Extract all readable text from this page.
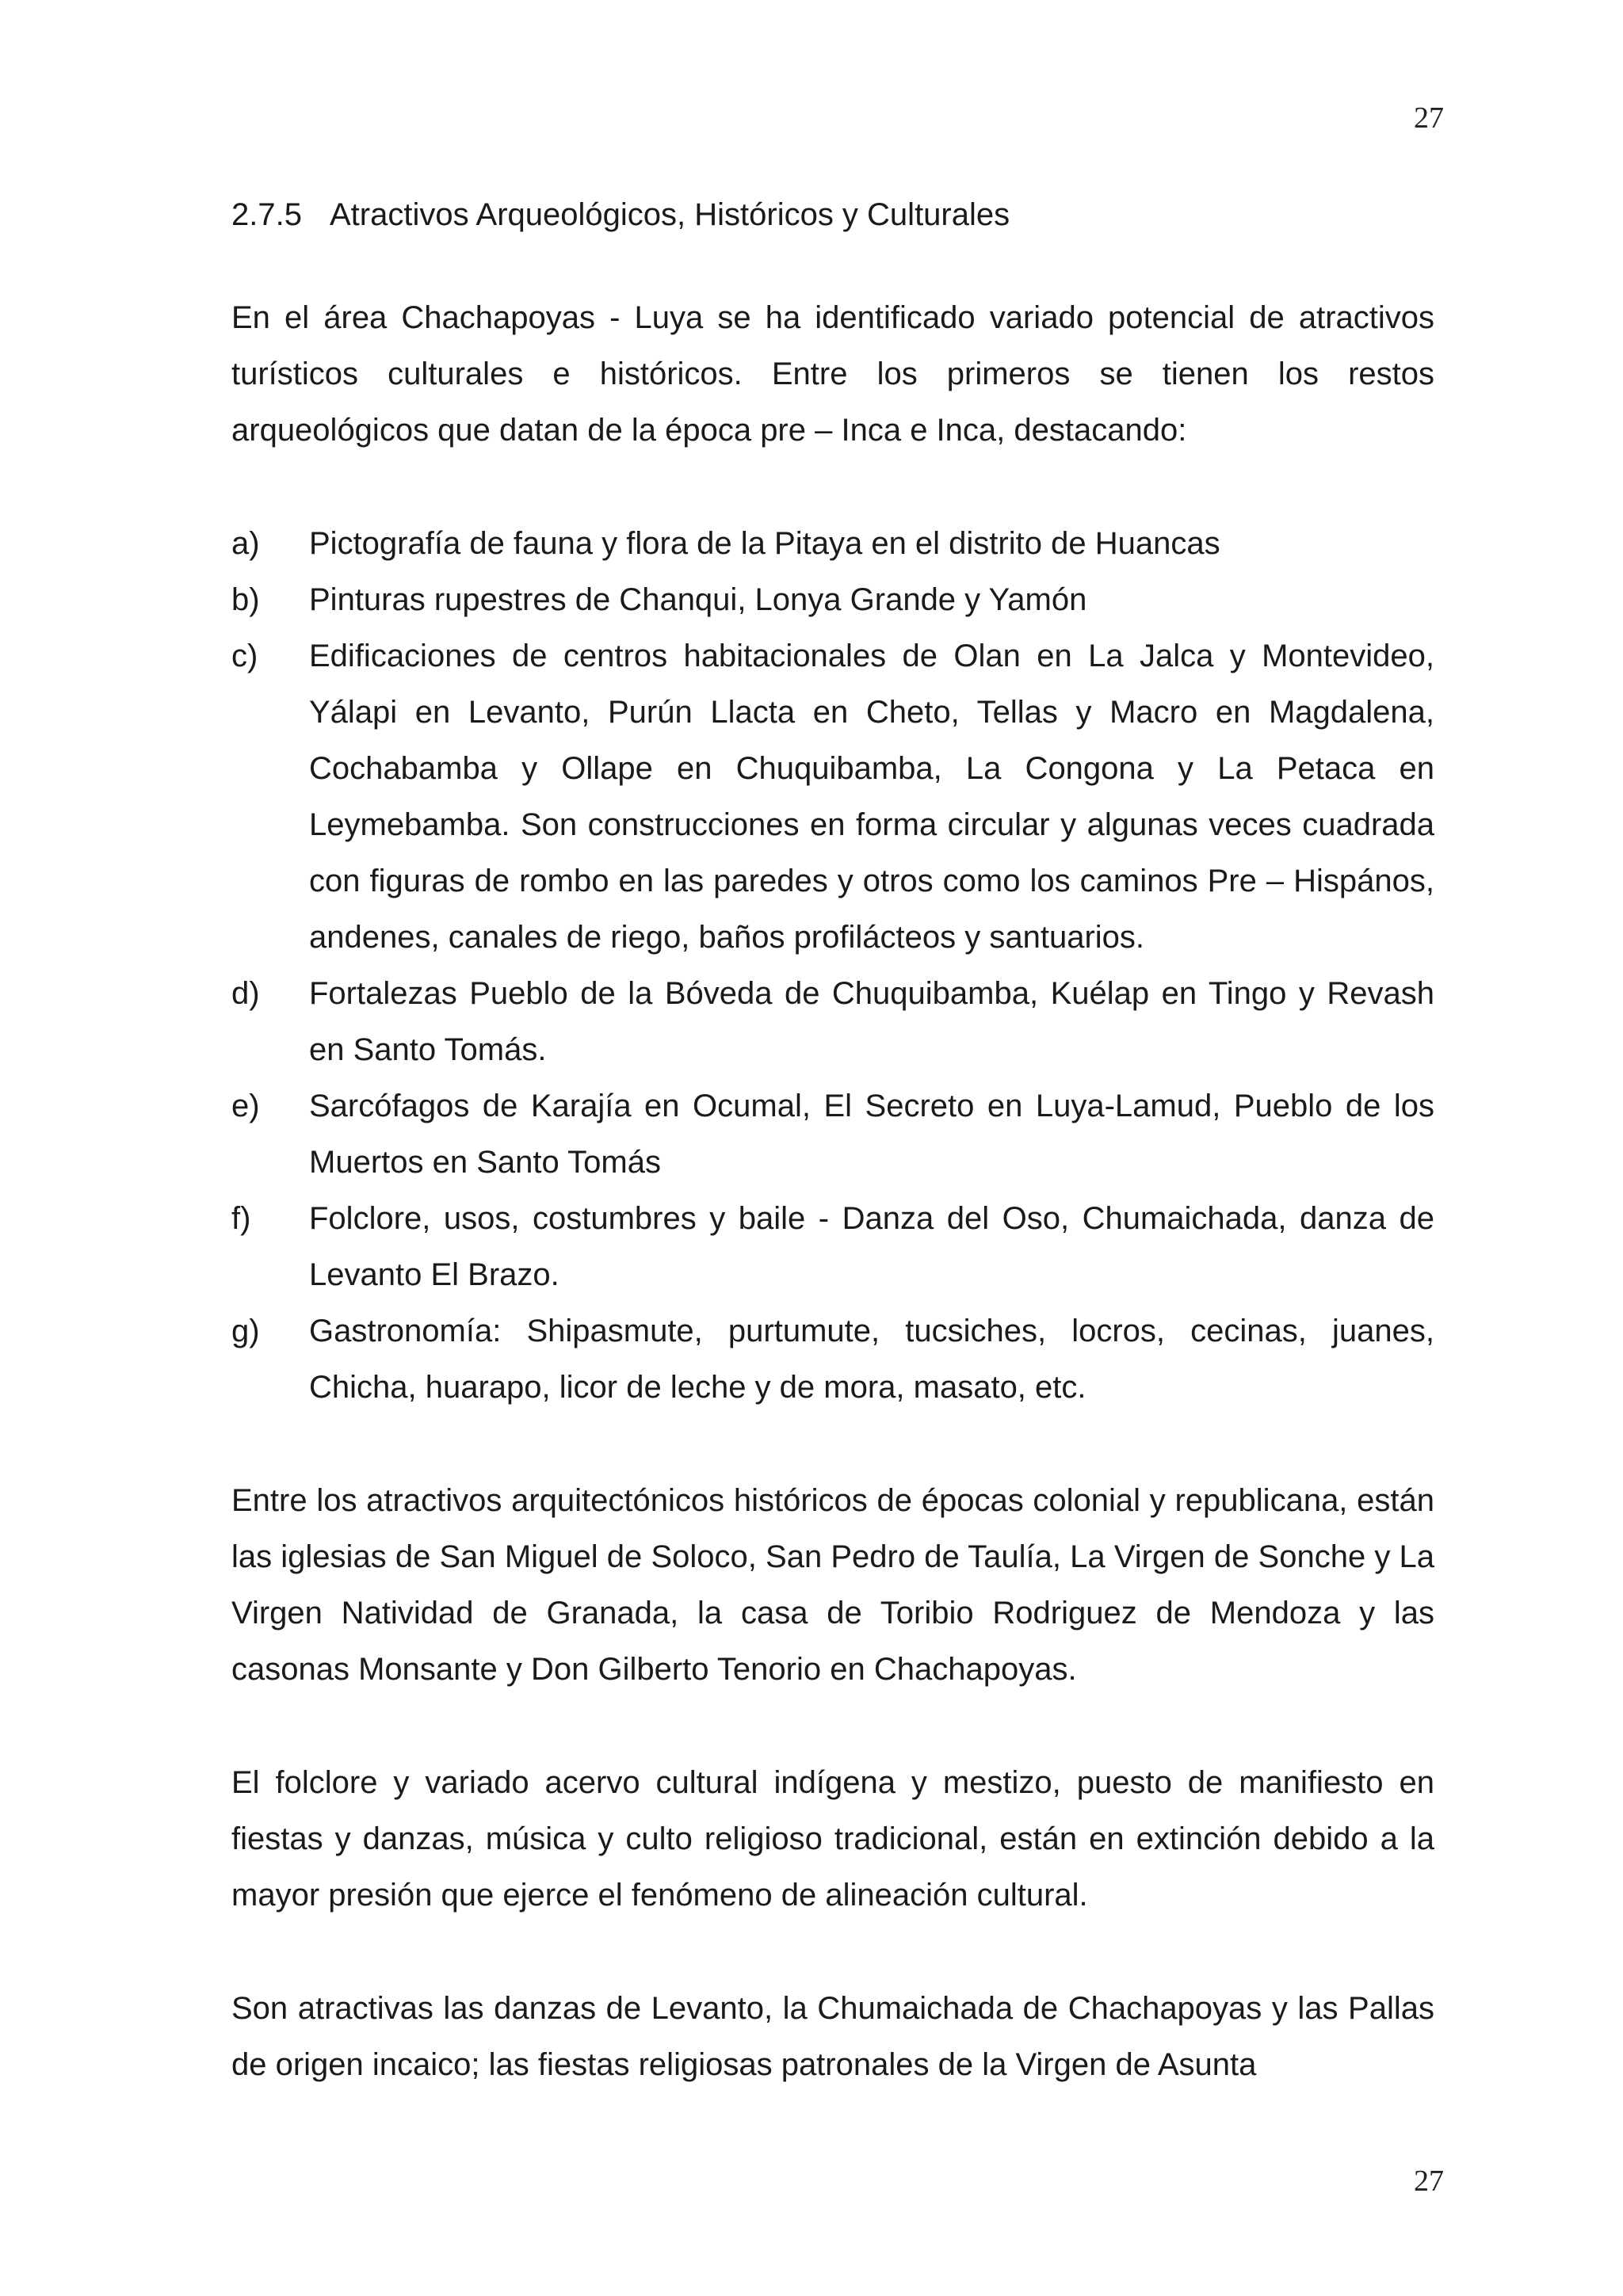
27
2.7.5 Atractivos Arqueológicos, Históricos y Culturales

En el área Chachapoyas - Luya se ha identificado variado potencial de atractivos turísticos culturales e históricos. Entre los primeros se tienen los restos arqueológicos que datan de la época pre – Inca e Inca, destacando:

a) Pictografía de fauna y flora de la Pitaya en el distrito de Huancas
b) Pinturas rupestres de Chanqui, Lonya Grande y Yamón
c) Edificaciones de centros habitacionales de Olan en La Jalca y Montevideo, Yálapi en Levanto, Purún Llacta en Cheto, Tellas y Macro en Magdalena, Cochabamba y Ollape en Chuquibamba, La Congona y La Petaca en Leymebamba. Son construcciones en forma circular y algunas veces cuadrada con figuras de rombo en las paredes y otros como los caminos Pre – Hispános, andenes, canales de riego, baños profilácteos y santuarios.
d) Fortalezas Pueblo de la Bóveda de Chuquibamba, Kuélap en Tingo y Revash en Santo Tomás.
e) Sarcófagos de Karajía en Ocumal, El Secreto en Luya-Lamud, Pueblo de los Muertos en Santo Tomás
f) Folclore, usos, costumbres y baile - Danza del Oso, Chumaichada, danza de Levanto El Brazo.
g) Gastronomía: Shipasmute, purtumute, tucsiches, locros, cecinas, juanes, Chicha, huarapo, licor de leche y de mora, masato, etc.

Entre los atractivos arquitectónicos históricos de épocas colonial y republicana, están las iglesias de San Miguel de Soloco, San Pedro de Taulía, La Virgen de Sonche y La Virgen Natividad de Granada, la casa de Toribio Rodriguez de Mendoza y las casonas Monsante y Don Gilberto Tenorio en Chachapoyas.

El folclore y variado acervo cultural indígena y mestizo, puesto de manifiesto en fiestas y danzas, música y culto religioso tradicional, están en extinción debido a la mayor presión que ejerce el fenómeno de alineación cultural.

Son atractivas las danzas de Levanto, la Chumaichada de Chachapoyas y las Pallas de origen incaico; las fiestas religiosas patronales de la Virgen de Asunta

27
